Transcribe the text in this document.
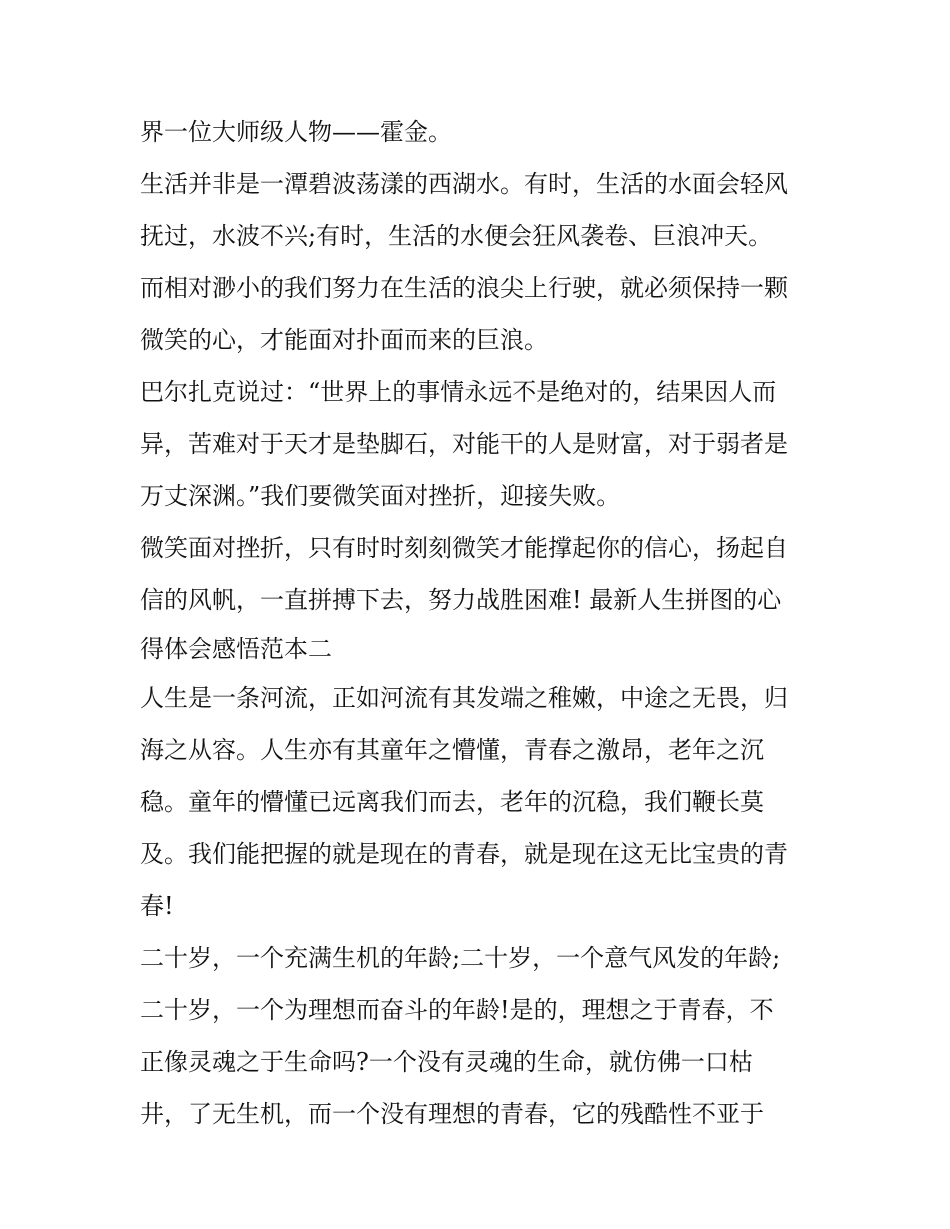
界一位大师级人物——霍金。
生活并非是一潭碧波荡漾的西湖水。有时，生活的水面会轻风
抚过，水波不兴;有时，生活的水便会狂风袭卷、巨浪冲天。
而相对渺小的我们努力在生活的浪尖上行驶，就必须保持一颗
微笑的心，才能面对扑面而来的巨浪。
巴尔扎克说过：“世界上的事情永远不是绝对的，结果因人而
异，苦难对于天才是垫脚石，对能干的人是财富，对于弱者是
万丈深渊。”我们要微笑面对挫折，迎接失败。
微笑面对挫折，只有时时刻刻微笑才能撑起你的信心，扬起自
信的风帆，一直拼搏下去，努力战胜困难! 最新人生拼图的心
得体会感悟范本二
人生是一条河流，正如河流有其发端之稚嫩，中途之无畏，归
海之从容。人生亦有其童年之懵懂，青春之激昂，老年之沉
稳。童年的懵懂已远离我们而去，老年的沉稳，我们鞭长莫
及。我们能把握的就是现在的青春，就是现在这无比宝贵的青
春!
二十岁，一个充满生机的年龄;二十岁，一个意气风发的年龄;
二十岁，一个为理想而奋斗的年龄!是的，理想之于青春，不
正像灵魂之于生命吗?一个没有灵魂的生命，就仿佛一口枯
井，了无生机，而一个没有理想的青春，它的残酷性不亚于
